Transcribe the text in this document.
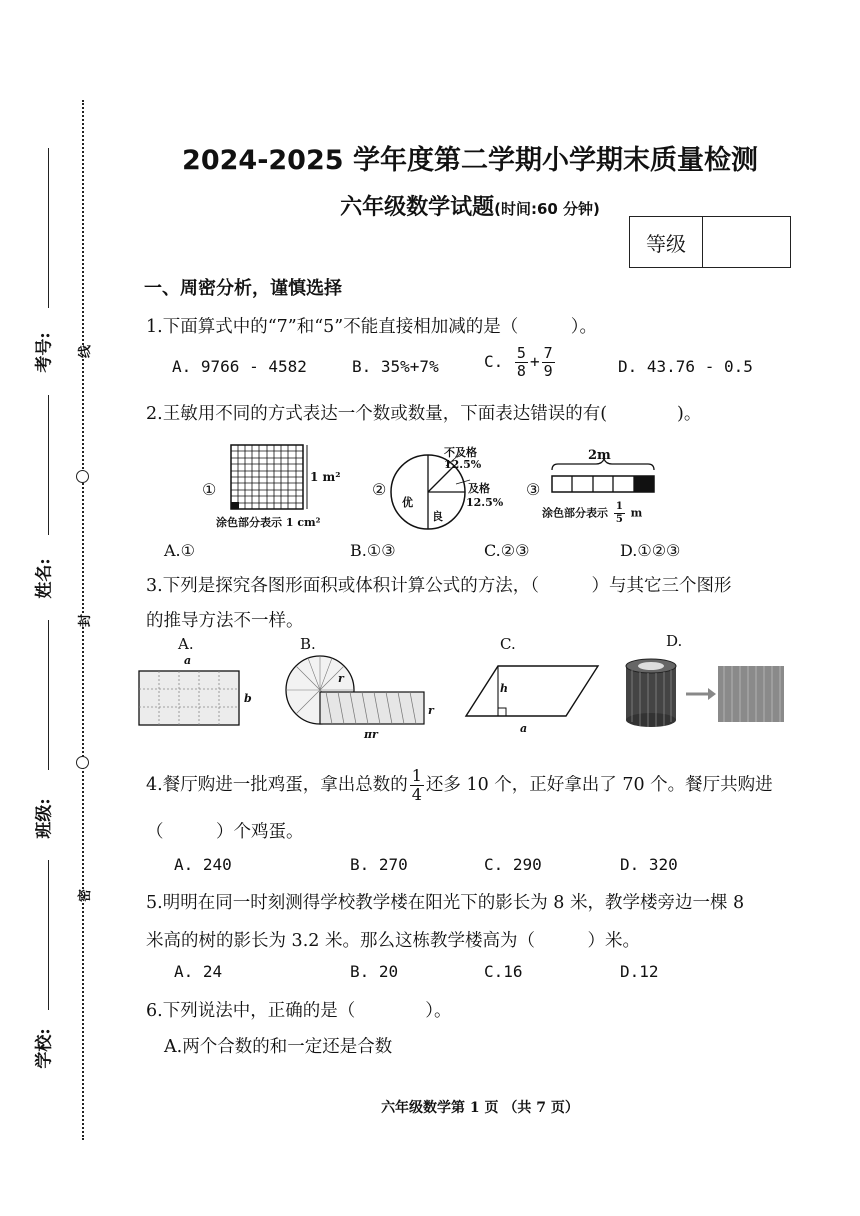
考号:
姓名:
班级:
学校:
线
封
密
2024-2025 学年度第二学期小学期末质量检测
六年级数学试题(时间:60 分钟)
等级
一、周密分析，谨慎选择
1.下面算式中的“7”和“5”不能直接相加减的是（　　　）。
A. 9766 - 4582	B. 35%+7%	C. $\frac{5}{8} + \frac{7}{9}$	D. 43.76 - 0.5
2.王敏用不同的方式表达一个数或数量，下面表达错误的有(　　　　)。
①
1 m²
涂色部分表示 1 cm²
②
不及格
12.5%
及格
12.5%
优
良
③
2m
涂色部分表示 $\frac{1}{5}$ m
A.①	B.①③	C.②③	D.①②③
3.下列是探究各图形面积或体积计算公式的方法，（　　　）与其它三个图形
的推导方法不一样。
A.	B.	C.	D.
a
b
r
r
πr
h
a
4.餐厅购进一批鸡蛋，拿出总数的 $\frac{1}{4}$ 还多 10 个，正好拿出了 70 个。餐厅共购进
（　　　）个鸡蛋。
A. 240	B. 270	C. 290	D. 320
5.明明在同一时刻测得学校教学楼在阳光下的影长为 8 米，教学楼旁边一棵 8
米高的树的影长为 3.2 米。那么这栋教学楼高为（　　　）米。
A. 24	B. 20	C.16	D.12
6.下列说法中，正确的是（　　　　）。
A.两个合数的和一定还是合数
六年级数学第 1 页 （共 7 页）
